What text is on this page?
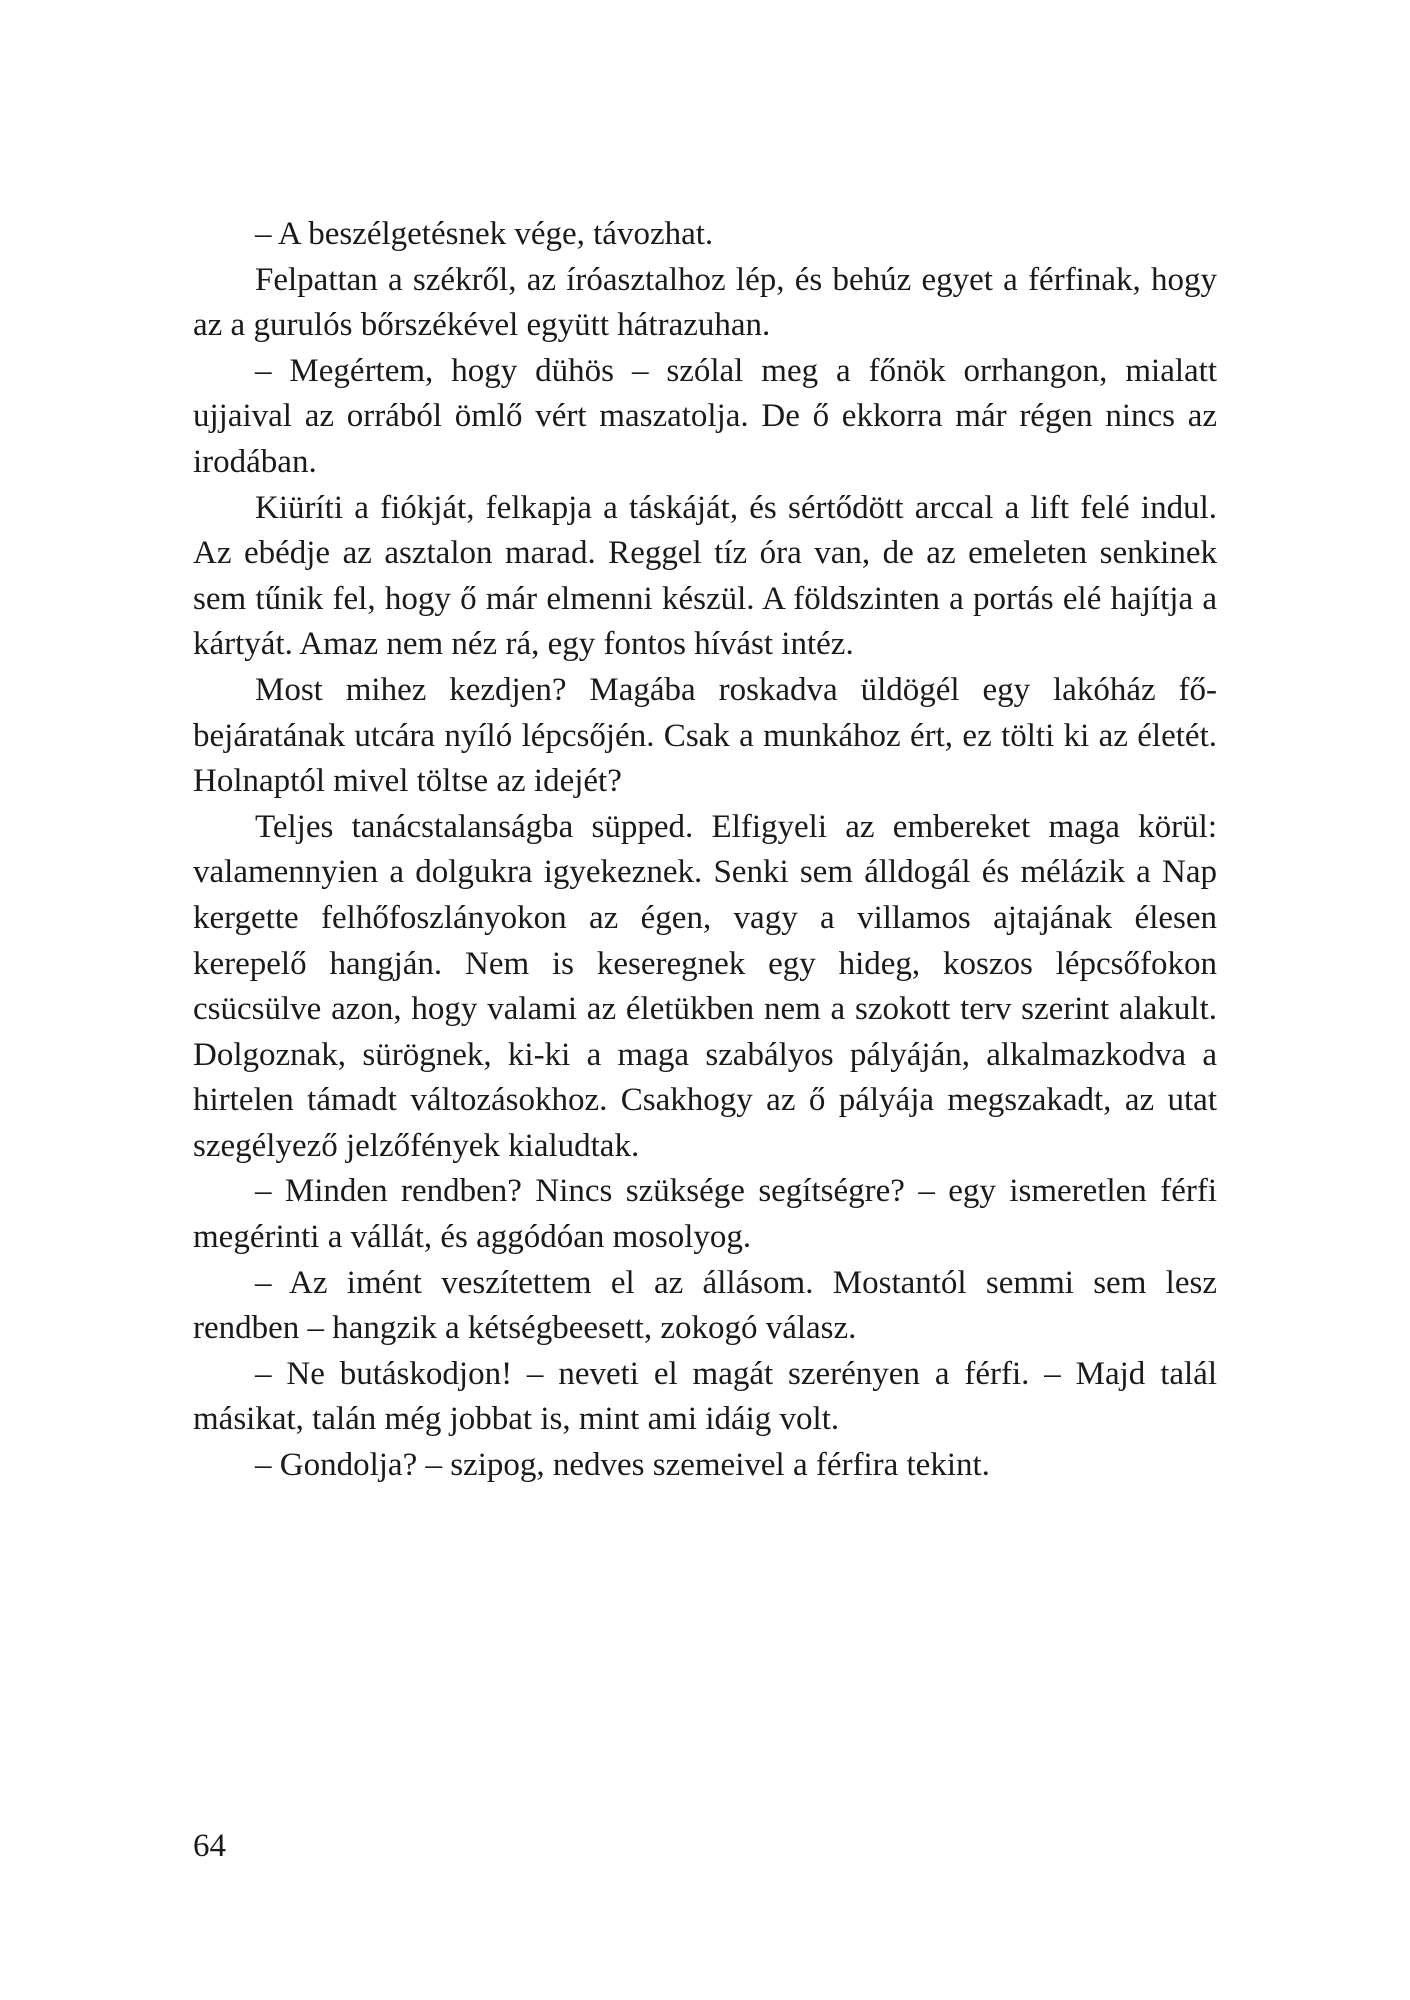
– A beszélgetésnek vége, távozhat.

Felpattan a székről, az íróasztalhoz lép, és behúz egyet a férfinak, hogy az a gurulós bőrszékével együtt hátrazuhan.

– Megértem, hogy dühös – szólal meg a főnök orrhangon, mialatt ujjaival az orrából ömlő vért maszatolja. De ő ekkorra már régen nincs az irodában.

Kiüríti a fiókját, felkapja a táskáját, és sértődött arccal a lift felé indul. Az ebédje az asztalon marad. Reggel tíz óra van, de az emeleten senkinek sem tűnik fel, hogy ő már elmenni készül. A földszinten a portás elé hajítja a kártyát. Amaz nem néz rá, egy fontos hívást intéz.

Most mihez kezdjen? Magába roskadva üldögél egy lakóház főbejáratának utcára nyíló lépcsőjén. Csak a munkához ért, ez tölti ki az életét. Holnaptól mivel töltse az idejét?

Teljes tanácstalanságba süpped. Elfigyeli az embereket maga körül: valamennyien a dolgukra igyekeznek. Senki sem álldogál és mélázik a Nap kergette felhőfoszlányokon az égen, vagy a villamos ajtajának élesen kerepelő hangján. Nem is keseregnek egy hideg, koszos lépcsőfokon csücsülve azon, hogy valami az életükben nem a szokott terv szerint alakult. Dolgoznak, sürögnek, ki-ki a maga szabályos pályáján, alkalmazkodva a hirtelen támadt változásokhoz. Csakhogy az ő pályája megszakadt, az utat szegélyező jelzőfények kialudtak.

– Minden rendben? Nincs szüksége segítségre? – egy ismeretlen férfi megérinti a vállát, és aggódóan mosolyog.

– Az imént veszítettem el az állásom. Mostantól semmi sem lesz rendben – hangzik a kétségbeesett, zokogó válasz.

– Ne butáskodjon! – neveti el magát szerényen a férfi. – Majd talál másikat, talán még jobbat is, mint ami idáig volt.

– Gondolja? – szipog, nedves szemeivel a férfira tekint.

64
